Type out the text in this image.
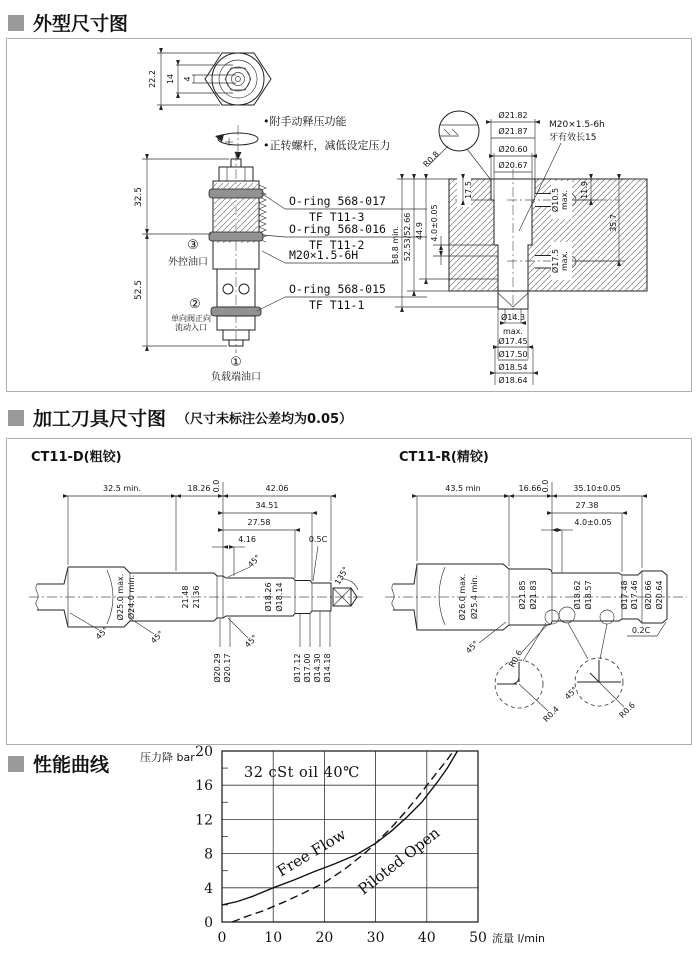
外型尺寸图
22.2 14 4
•附手动释压功能
•正转螺杆，减低设定压力
32.5
52.5
③
外控油口
②
单向阀正向
流动入口
①
负载端油口
O-ring 568-017
TF T11-3
O-ring 568-016
TF T11-2
M20×1.5-6H
O-ring 568-015
TF T11-1
R0.8
M20×1.5-6h
牙有效长15
Ø21.82
Ø21.87
Ø20.60
Ø20.67
58.8 min. 52.53/52.66 44.9 4.0±0.05
17.5	11.9
Ø10.5 max.
35.7
Ø17.5 max.
Ø14.3
max.
Ø17.45
Ø17.50
Ø18.54
Ø18.64
加工刀具尺寸图 （尺寸未标注公差均为0.05）
CT11-D(粗铰)	CT11-R(精铰)
135°
32.5 min.	18.26 0.0	42.06
34.51
27.58
4.16	0.5C
Ø25.0 max. Ø24.0 min.	21.48 21.36
Ø20.29 Ø20.17
Ø18.26 Ø18.14
Ø17.12 Ø17.00 Ø14.30 Ø14.18
45°	45°	45°
45°
43.5 min	16.66 0.0	35.10±0.05
27.38
4.0±0.05
Ø26.0 max. Ø25.4 min.	Ø21.85 Ø21.83	Ø18.62 Ø18.57	Ø17.48 Ø17.46 Ø20.66 Ø20.64
45°
R0.6
0.2C
R0.4
45°
R0.6
性能曲线	压力降 bar
32 cSt oil 40℃
Free Flow Piloted Open
0	10 20 30 40 50
0
4
8
12
16
20
流量 l/min
